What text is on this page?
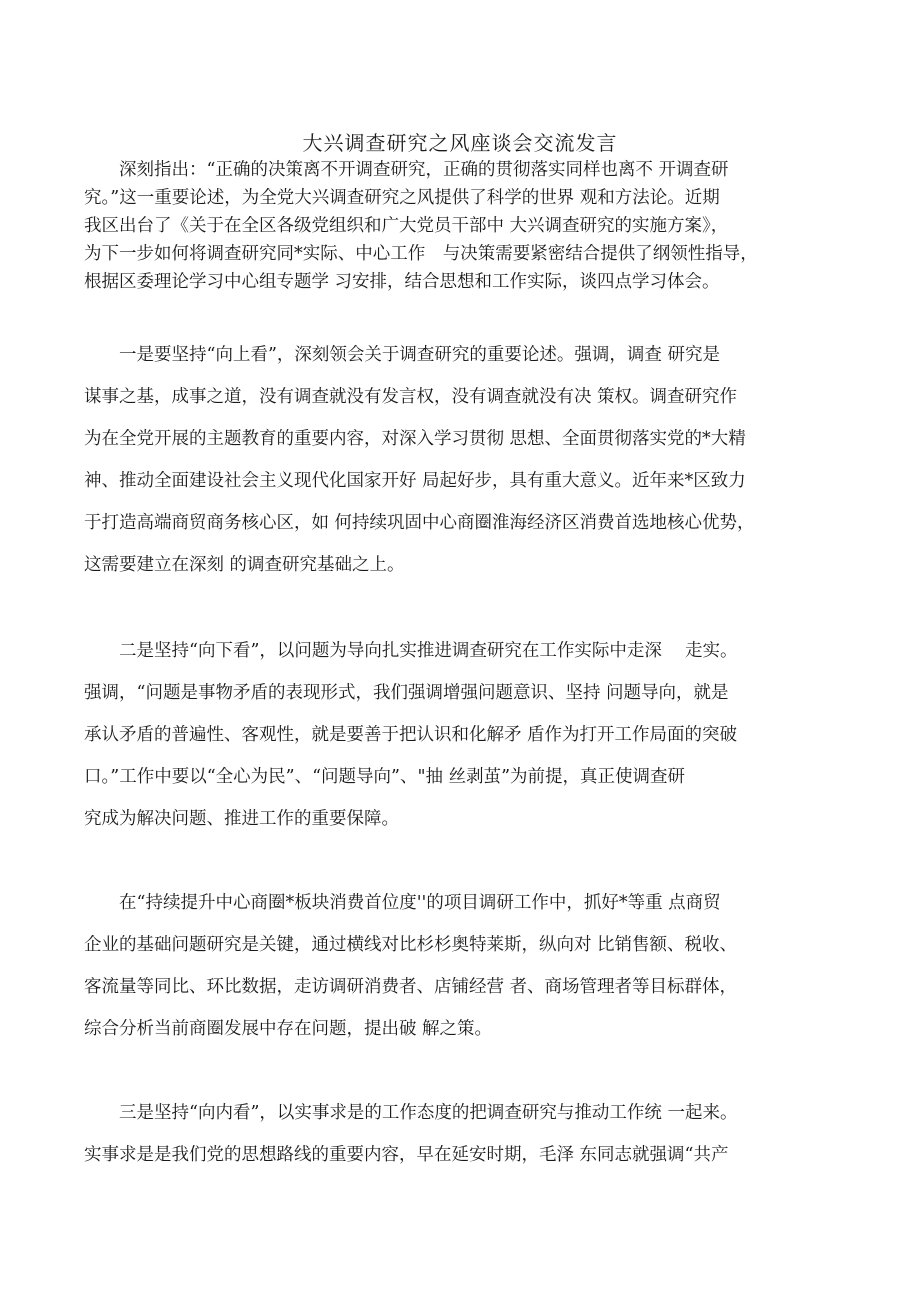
大兴调查研究之风座谈会交流发言
深刻指出：“正确的决策离不开调查研究，正确的贯彻落实同样也离不 开调查研
究。”这一重要论述，为全党大兴调查研究之风提供了科学的世界 观和方法论。近期
我区出台了《关于在全区各级党组织和广大党员干部中 大兴调查研究的实施方案》，
为下一步如何将调查研究同*实际、中心工作　与决策需要紧密结合提供了纲领性指导，
根据区委理论学习中心组专题学 习安排，结合思想和工作实际，谈四点学习体会。
一是要坚持“向上看”，深刻领会关于调查研究的重要论述。强调，调查 研究是
谋事之基，成事之道，没有调查就没有发言权，没有调查就没有决 策权。调查研究作
为在全党开展的主题教育的重要内容，对深入学习贯彻 思想、全面贯彻落实党的*大精
神、推动全面建设社会主义现代化国家开好 局起好步，具有重大意义。近年来*区致力
于打造高端商贸商务核心区，如 何持续巩固中心商圈淮海经济区消费首选地核心优势，
这需要建立在深刻 的调查研究基础之上。
二是坚持“向下看”，以问题为导向扎实推进调查研究在工作实际中走深　 走实。
强调，“问题是事物矛盾的表现形式，我们强调增强问题意识、坚持 问题导向，就是
承认矛盾的普遍性、客观性，就是要善于把认识和化解矛 盾作为打开工作局面的突破
口。”工作中要以“全心为民”、“问题导向”、"抽 丝剥茧”为前提，真正使调查研
究成为解决问题、推进工作的重要保障。
在“持续提升中心商圈*板块消费首位度''的项目调研工作中，抓好*等重 点商贸
企业的基础问题研究是关键，通过横线对比杉杉奥特莱斯，纵向对 比销售额、税收、
客流量等同比、环比数据，走访调研消费者、店铺经营 者、商场管理者等目标群体，
综合分析当前商圈发展中存在问题，提出破 解之策。
三是坚持“向内看”，以实事求是的工作态度的把调查研究与推动工作统 一起来。
实事求是是我们党的思想路线的重要内容，早在延安时期，毛泽 东同志就强调“共产
